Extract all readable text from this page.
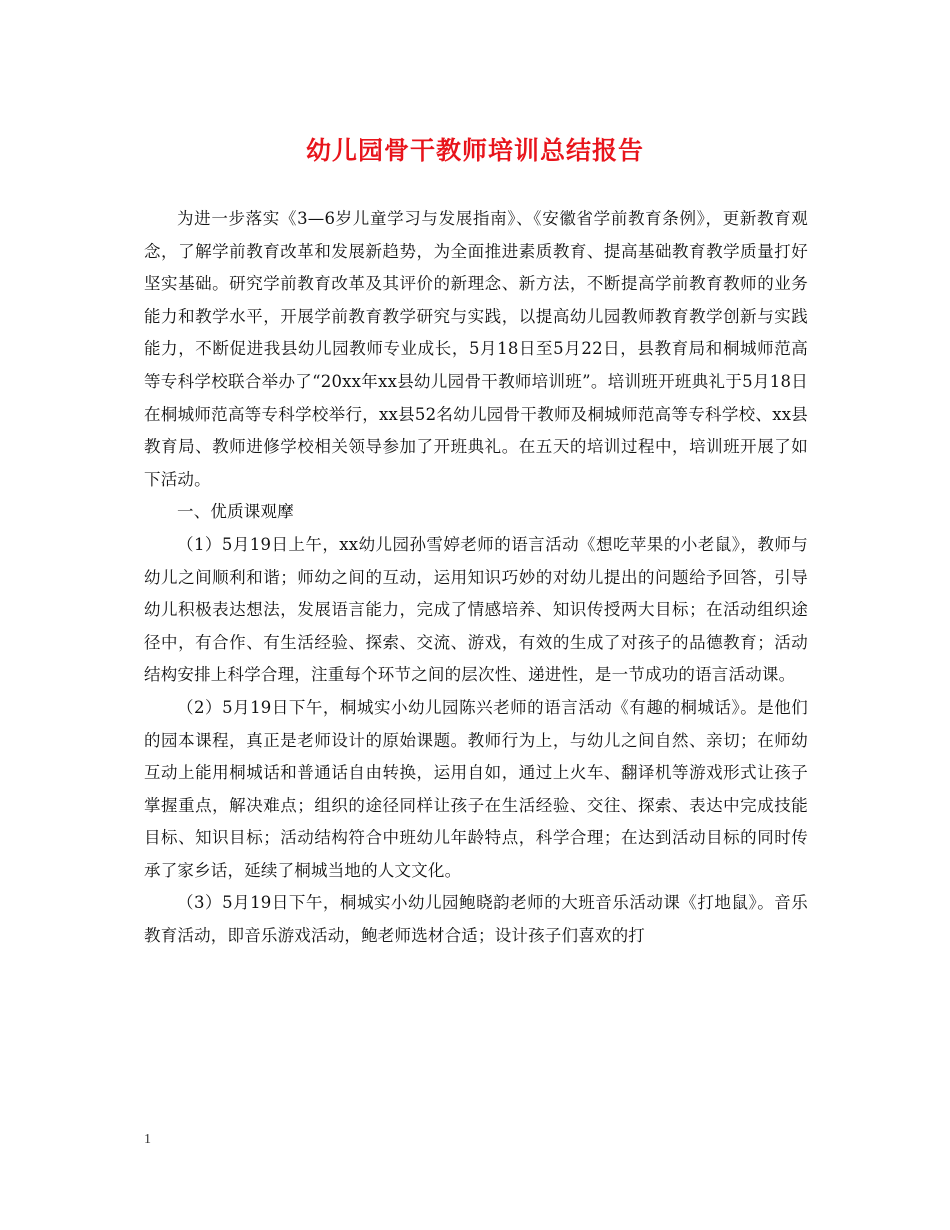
幼儿园骨干教师培训总结报告

为进一步落实《3—6岁儿童学习与发展指南》、《安徽省学前教育条例》，更新教育观念，了解学前教育改革和发展新趋势，为全面推进素质教育、提高基础教育教学质量打好坚实基础。研究学前教育改革及其评价的新理念、新方法，不断提高学前教育教师的业务能力和教学水平，开展学前教育教学研究与实践，以提高幼儿园教师教育教学创新与实践能力，不断促进我县幼儿园教师专业成长，5月18日至5月22日，县教育局和桐城师范高等专科学校联合举办了“20xx年xx县幼儿园骨干教师培训班”。培训班开班典礼于5月18日在桐城师范高等专科学校举行，xx县52名幼儿园骨干教师及桐城师范高等专科学校、xx县教育局、教师进修学校相关领导参加了开班典礼。在五天的培训过程中，培训班开展了如下活动。

一、优质课观摩

（1）5月19日上午，xx幼儿园孙雪婷老师的语言活动《想吃苹果的小老鼠》，教师与幼儿之间顺利和谐；师幼之间的互动，运用知识巧妙的对幼儿提出的问题给予回答，引导幼儿积极表达想法，发展语言能力，完成了情感培养、知识传授两大目标；在活动组织途径中，有合作、有生活经验、探索、交流、游戏，有效的生成了对孩子的品德教育；活动结构安排上科学合理，注重每个环节之间的层次性、递进性，是一节成功的语言活动课。

（2）5月19日下午，桐城实小幼儿园陈兴老师的语言活动《有趣的桐城话》。是他们的园本课程，真正是老师设计的原始课题。教师行为上，与幼儿之间自然、亲切；在师幼互动上能用桐城话和普通话自由转换，运用自如，通过上火车、翻译机等游戏形式让孩子掌握重点，解决难点；组织的途径同样让孩子在生活经验、交往、探索、表达中完成技能目标、知识目标；活动结构符合中班幼儿年龄特点，科学合理；在达到活动目标的同时传承了家乡话，延续了桐城当地的人文文化。

（3）5月19日下午，桐城实小幼儿园鲍晓韵老师的大班音乐活动课《打地鼠》。音乐教育活动，即音乐游戏活动，鲍老师选材合适；设计孩子们喜欢的打

1
